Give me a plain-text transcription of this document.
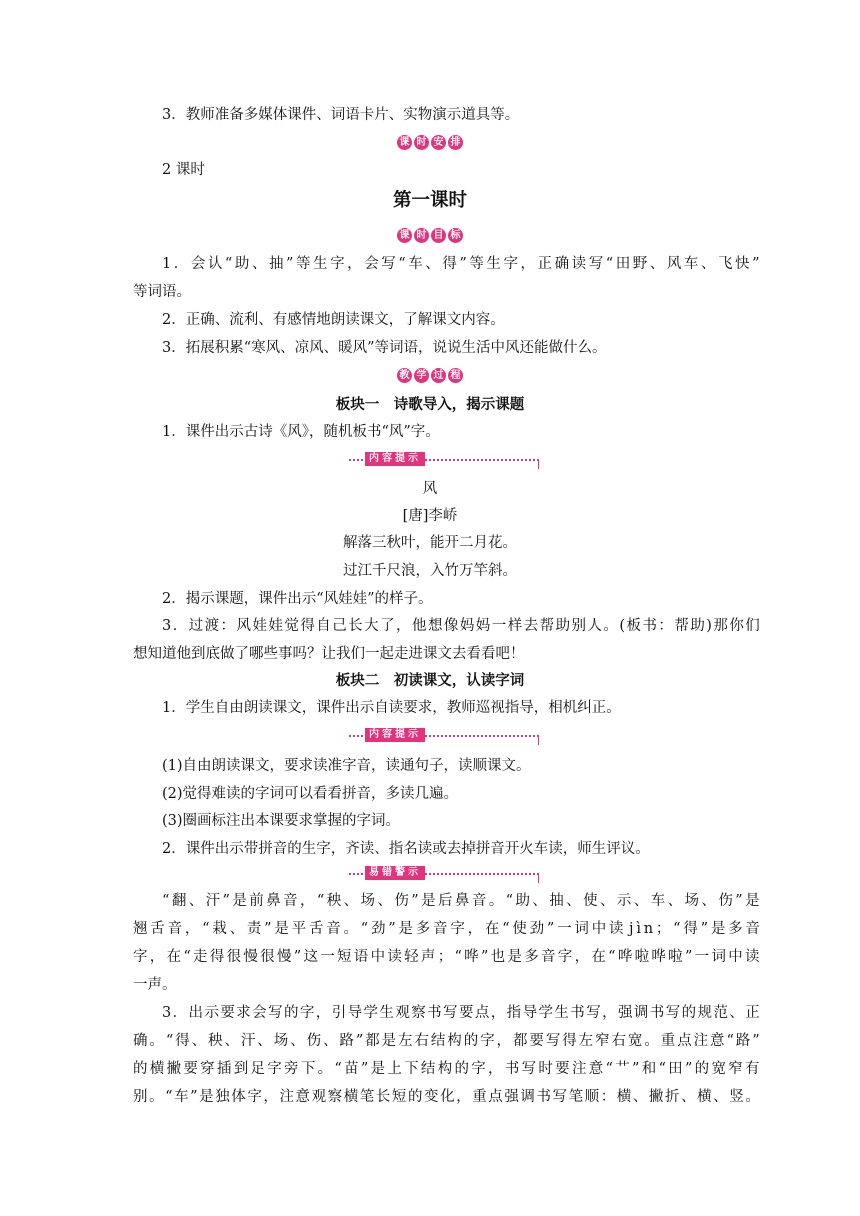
3．教师准备多媒体课件、词语卡片、实物演示道具等。
课 时 安 排
2 课时
第一课时
课 时 目 标
1 ． 会 认 “ 助 、 抽 ” 等 生 字 ， 会 写 “ 车 、 得 ” 等 生 字 ， 正 确 读 写 “ 田 野 、 风 车 、 飞 快 ”
等词语。
2．正确、流利、有感情地朗读课文，了解课文内容。
3．拓展积累“寒风、凉风、暖风”等词语，说说生活中风还能做什么。
教 学 过 程
板块一　诗歌导入，揭示课题
1．课件出示古诗《风》，随机板书“风”字。
内容提示
风
[唐]李峤
解落三秋叶，能开二月花。
过江千尺浪，入竹万竿斜。
2．揭示课题，课件出示“风娃娃”的样子。
3 ． 过 渡 ： 风 娃 娃 觉 得 自 己 长 大 了 ， 他 想 像 妈 妈 一 样 去 帮 助 别 人 。 ( 板 书 ： 帮 助 ) 那 你 们
想知道他到底做了哪些事吗？让我们一起走进课文去看看吧！
板块二　初读课文，认读字词
1．学生自由朗读课文，课件出示自读要求，教师巡视指导，相机纠正。
内容提示
(1)自由朗读课文，要求读准字音，读通句子，读顺课文。
(2)觉得难读的字词可以看看拼音，多读几遍。
(3)圈画标注出本课要求掌握的字词。
2．课件出示带拼音的生字，齐读、指名读或去掉拼音开火车读，师生评议。
易错警示
“ 翻 、 汗 ” 是 前 鼻 音 ， “ 秧 、 场 、 伤 ” 是 后 鼻 音 。 “ 助 、 抽 、 使 、 示 、 车 、 场 、 伤 ” 是
翘 舌 音 ， “ 栽 、 责 ” 是 平 舌 音 。 “ 劲 ” 是 多 音 字 ， 在 “ 使 劲 ” 一 词 中 读 j ì n ； “ 得 ” 是 多 音
字 ， 在 “ 走 得 很 慢 很 慢 ” 这 一 短 语 中 读 轻 声 ； “ 哗 ” 也 是 多 音 字 ， 在 “ 哗 啦 哗 啦 ” 一 词 中 读
一声。
3 ． 出 示 要 求 会 写 的 字 ， 引 导 学 生 观 察 书 写 要 点 ， 指 导 学 生 书 写 ， 强 调 书 写 的 规 范 、 正
确 。 “ 得 、 秧 、 汗 、 场 、 伤 、 路 ” 都 是 左 右 结 构 的 字 ， 都 要 写 得 左 窄 右 宽 。 重 点 注 意 “ 路 ”
的 横 撇 要 穿 插 到 足 字 旁 下 。 “ 苗 ” 是 上 下 结 构 的 字 ， 书 写 时 要 注 意 “ 艹 ” 和 “ 田 ” 的 宽 窄 有
别 。 “ 车 ” 是 独 体 字 ， 注 意 观 察 横 笔 长 短 的 变 化 ， 重 点 强 调 书 写 笔 顺 ： 横 、 撇 折 、 横 、 竖 。
